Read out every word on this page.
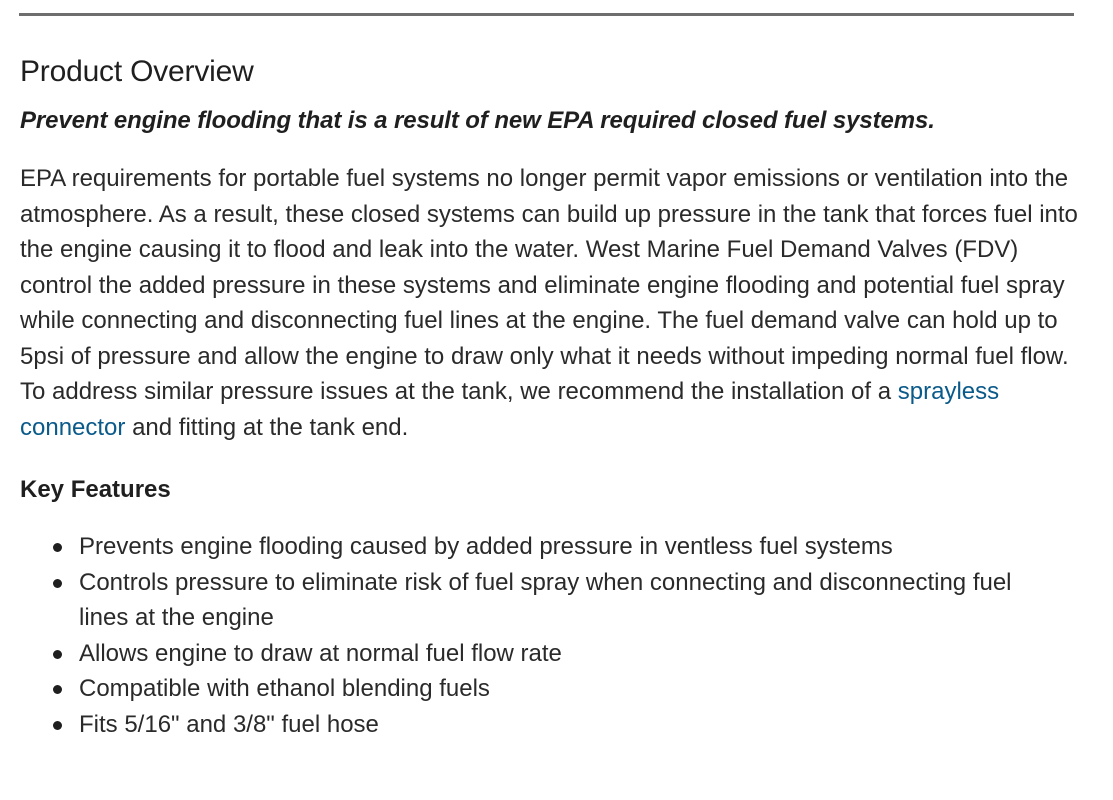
Product Overview

Prevent engine flooding that is a result of new EPA required closed fuel systems.

EPA requirements for portable fuel systems no longer permit vapor emissions or ventilation into the atmosphere. As a result, these closed systems can build up pressure in the tank that forces fuel into the engine causing it to flood and leak into the water. West Marine Fuel Demand Valves (FDV) control the added pressure in these systems and eliminate engine flooding and potential fuel spray while connecting and disconnecting fuel lines at the engine. The fuel demand valve can hold up to 5psi of pressure and allow the engine to draw only what it needs without impeding normal fuel flow. To address similar pressure issues at the tank, we recommend the installation of a sprayless connector and fitting at the tank end.

Key Features
Prevents engine flooding caused by added pressure in ventless fuel systems
Controls pressure to eliminate risk of fuel spray when connecting and disconnecting fuel lines at the engine
Allows engine to draw at normal fuel flow rate
Compatible with ethanol blending fuels
Fits 5/16" and 3/8" fuel hose
